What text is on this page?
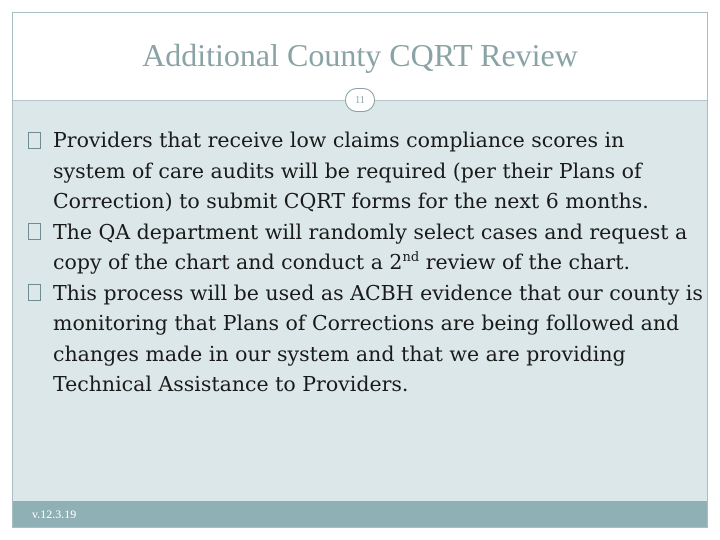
Additional County CQRT Review
11
Providers that receive low claims compliance scores in system of care audits will be required (per their Plans of Correction) to submit CQRT forms for the next 6 months.
The QA department will randomly select cases and request a copy of the chart and conduct a 2nd review of the chart.
This process will be used as ACBH evidence that our county is monitoring that Plans of Corrections are being followed and changes made in our system and that we are providing Technical Assistance to Providers.
v.12.3.19
